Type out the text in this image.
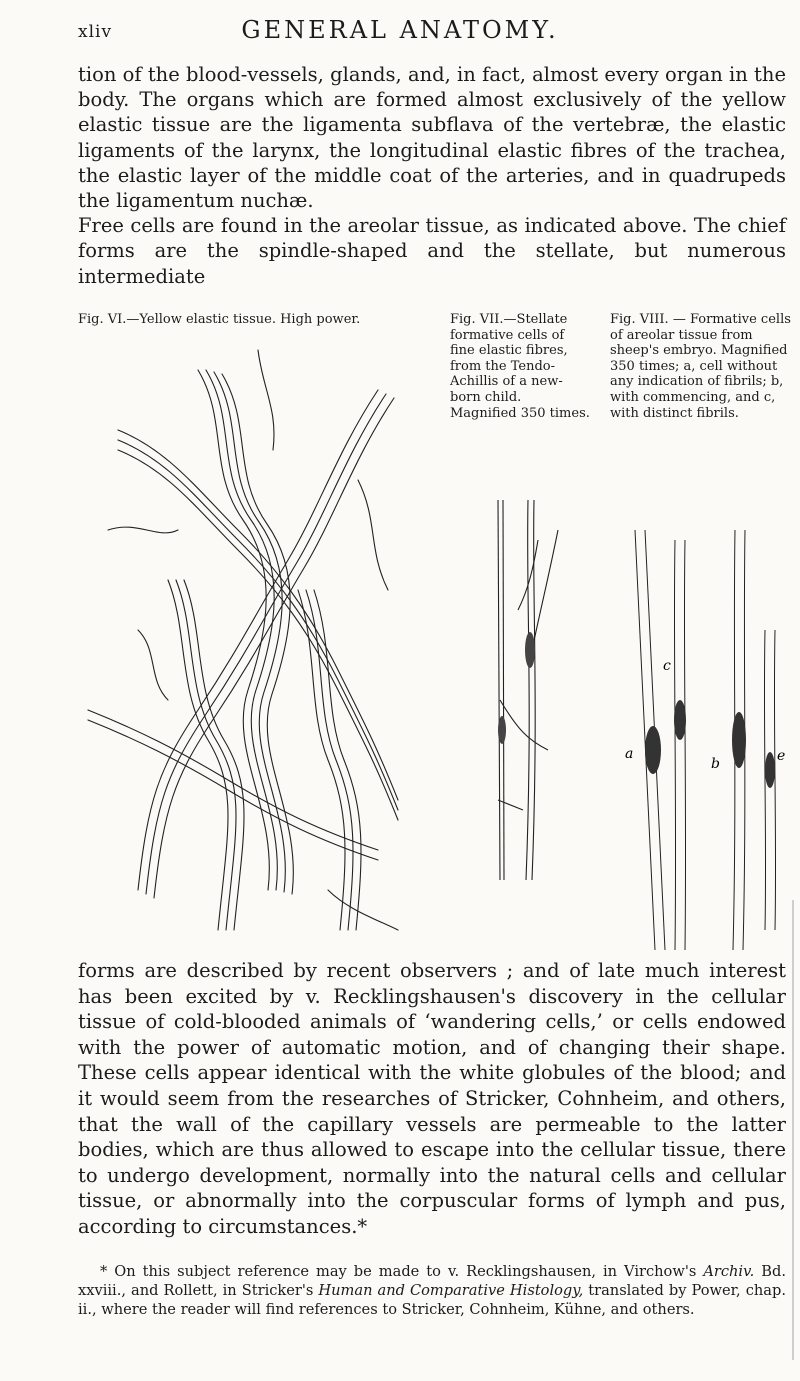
xliv	GENERAL ANATOMY.

tion of the blood-vessels, glands, and, in fact, almost every organ in the body. The organs which are formed almost exclusively of the yellow elastic tissue are the ligamenta subflava of the vertebræ, the elastic ligaments of the larynx, the longitudinal elastic fibres of the trachea, the elastic layer of the middle coat of the arteries, and in quadrupeds the ligamentum nuchæ.

Free cells are found in the areolar tissue, as indicated above. The chief forms are the spindle-shaped and the stellate, but numerous intermediate

Fig. VI.—Yellow elastic tissue. High power.	Fig. VII.—Stellate formative cells of fine elastic fibres, from the Tendo-Achillis of a new-born child. Magnified 350 times.
Fig. VIII. — Formative cells of areolar tissue from sheep's embryo. Magnified 350 times; a, cell without any indication of fibrils; b, with commencing, and c, with distinct fibrils.
a
c
b	e

forms are described by recent observers ; and of late much interest has been excited by v. Recklingshausen's discovery in the cellular tissue of cold-blooded animals of ‘wandering cells,’ or cells endowed with the power of automatic motion, and of changing their shape. These cells appear identical with the white globules of the blood; and it would seem from the researches of Stricker, Cohnheim, and others, that the wall of the capillary vessels are permeable to the latter bodies, which are thus allowed to escape into the cellular tissue, there to undergo development, normally into the natural cells and cellular tissue, or abnormally into the corpuscular forms of lymph and pus, according to circumstances.*

* On this subject reference may be made to v. Recklingshausen, in Virchow's Archiv. Bd. xxviii., and Rollett, in Stricker's Human and Comparative Histology, translated by Power, chap. ii., where the reader will find references to Stricker, Cohnheim, Kühne, and others.
